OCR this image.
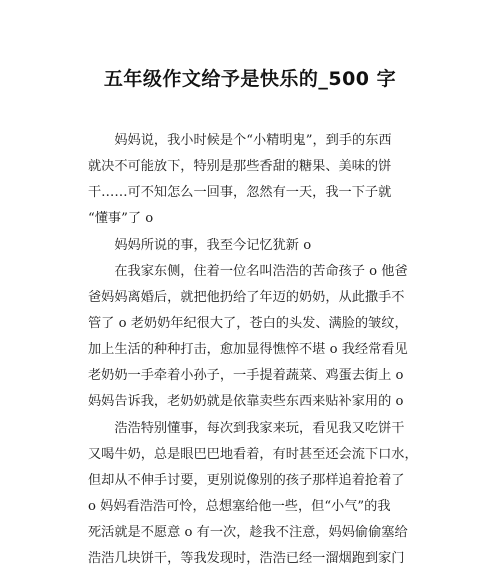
五年级作文给予是快乐的_500 字
　　妈妈说，我小时候是个“小精明鬼”，到手的东西
就决不可能放下，特别是那些香甜的糖果、美味的饼
干……可不知怎么一回事，忽然有一天，我一下子就
“懂事”了 o
　　妈妈所说的事，我至今记忆犹新 o
　　在我家东侧，住着一位名叫浩浩的苦命孩子 o 他爸
爸妈妈离婚后，就把他扔给了年迈的奶奶，从此撒手不
管了 o 老奶奶年纪很大了，苍白的头发、满脸的皱纹，
加上生活的种种打击，愈加显得憔悴不堪 o 我经常看见
老奶奶一手牵着小孙子，一手提着蔬菜、鸡蛋去街上 o
妈妈告诉我，老奶奶就是依靠卖些东西来贴补家用的 o
　　浩浩特别懂事，每次到我家来玩，看见我又吃饼干
又喝牛奶，总是眼巴巴地看着，有时甚至还会流下口水，
但却从不伸手讨要，更别说像别的孩子那样追着抢着了
o 妈妈看浩浩可怜，总想塞给他一些，但“小气”的我
死活就是不愿意 o 有一次，趁我不注意，妈妈偷偷塞给
浩浩几块饼干，等我发现时，浩浩已经一溜烟跑到家门
